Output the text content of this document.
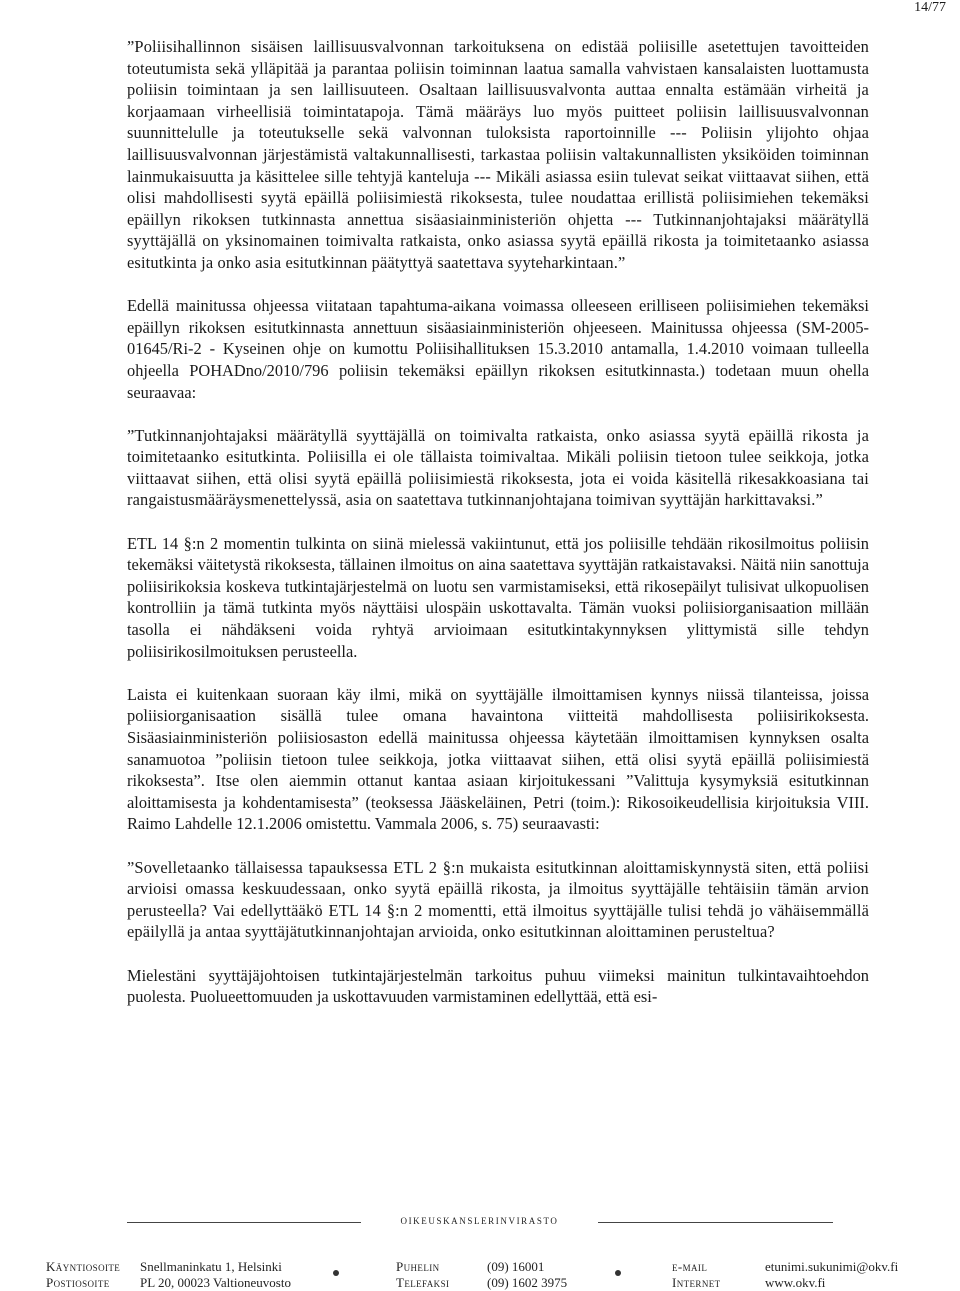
14/77

”Poliisihallinnon sisäisen laillisuusvalvonnan tarkoituksena on edistää poliisille asetettujen tavoitteiden toteutumista sekä ylläpitää ja parantaa poliisin toiminnan laatua samalla vahvistaen kansalaisten luottamusta poliisin toimintaan ja sen laillisuuteen. Osaltaan laillisuusvalvonta auttaa ennalta estämään virheitä ja korjaamaan virheellisiä toimintatapoja. Tämä määräys luo myös puitteet poliisin laillisuusvalvonnan suunnittelulle ja toteutukselle sekä valvonnan tuloksista raportoinnille --- Poliisin ylijohto ohjaa laillisuusvalvonnan järjestämistä valtakunnallisesti, tarkastaa poliisin valtakunnallisten yksiköiden toiminnan lainmukaisuutta ja käsittelee sille tehtyjä kanteluja --- Mikäli asiassa esiin tulevat seikat viittaavat siihen, että olisi mahdollisesti syytä epäillä poliisimiestä rikoksesta, tulee noudattaa erillistä poliisimiehen tekemäksi epäillyn rikoksen tutkinnasta annettua sisäasiainministeriön ohjetta --- Tutkinnanjohtajaksi määrätyllä syyttäjällä on yksinomainen toimivalta ratkaista, onko asiassa syytä epäillä rikosta ja toimitetaanko asiassa esitutkinta ja onko asia esitutkinnan päätyttyä saatettava syyteharkintaan.”

Edellä mainitussa ohjeessa viitataan tapahtuma-aikana voimassa olleeseen erilliseen poliisimiehen tekemäksi epäillyn rikoksen esitutkinnasta annettuun sisäasiainministeriön ohjeeseen. Mainitussa ohjeessa (SM-2005-01645/Ri-2 - Kyseinen ohje on kumottu Poliisihallituksen 15.3.2010 antamalla, 1.4.2010 voimaan tulleella ohjeella POHADno/2010/796 poliisin tekemäksi epäillyn rikoksen esitutkinnasta.) todetaan muun ohella seuraavaa:

”Tutkinnanjohtajaksi määrätyllä syyttäjällä on toimivalta ratkaista, onko asiassa syytä epäillä rikosta ja toimitetaanko esitutkinta. Poliisilla ei ole tällaista toimivaltaa. Mikäli poliisin tietoon tulee seikkoja, jotka viittaavat siihen, että olisi syytä epäillä poliisimiestä rikoksesta, jota ei voida käsitellä rikesakkoasiana tai rangaistusmääräysmenettelyssä, asia on saatettava tutkinnanjohtajana toimivan syyttäjän harkittavaksi.”

ETL 14 §:n 2 momentin tulkinta on siinä mielessä vakiintunut, että jos poliisille tehdään rikosilmoitus poliisin tekemäksi väitetystä rikoksesta, tällainen ilmoitus on aina saatettava syyttäjän ratkaistavaksi. Näitä niin sanottuja poliisirikoksia koskeva tutkintajärjestelmä on luotu sen varmistamiseksi, että rikosepäilyt tulisivat ulkopuolisen kontrolliin ja tämä tutkinta myös näyttäisi ulospäin uskottavalta. Tämän vuoksi poliisiorganisaation millään tasolla ei nähdäkseni voida ryhtyä arvioimaan esitutkintakynnyksen ylittymistä sille tehdyn poliisirikosilmoituksen perusteella.

Laista ei kuitenkaan suoraan käy ilmi, mikä on syyttäjälle ilmoittamisen kynnys niissä tilanteissa, joissa poliisiorganisaation sisällä tulee omana havaintona viitteitä mahdollisesta poliisirikoksesta. Sisäasiainministeriön poliisiosaston edellä mainitussa ohjeessa käytetään ilmoittamisen kynnyksen osalta sanamuotoa ”poliisin tietoon tulee seikkoja, jotka viittaavat siihen, että olisi syytä epäillä poliisimiestä rikoksesta”. Itse olen aiemmin ottanut kantaa asiaan kirjoitukessani ”Valittuja kysymyksiä esitutkinnan aloittamisesta ja kohdentamisesta” (teoksessa Jääskeläinen, Petri (toim.): Rikosoikeudellisia kirjoituksia VIII. Raimo Lahdelle 12.1.2006 omistettu. Vammala 2006, s. 75) seuraavasti:

”Sovelletaanko tällaisessa tapauksessa ETL 2 §:n mukaista esitutkinnan aloittamiskynnystä siten, että poliisi arvioisi omassa keskuudessaan, onko syytä epäillä rikosta, ja ilmoitus syyttäjälle tehtäisiin tämän arvion perusteella? Vai edellyttääkö ETL 14 §:n 2 momentti, että ilmoitus syyttäjälle tulisi tehdä jo vähäisemmällä epäilyllä ja antaa syyttäjätutkinnanjohtajan arvioida, onko esitutkinnan aloittaminen perusteltua?

Mielestäni syyttäjäjohtoisen tutkintajärjestelmän tarkoitus puhuu viimeksi mainitun tulkintavaihtoehdon puolesta. Puolueettomuuden ja uskottavuuden varmistaminen edellyttää, että esi-

oikeuskanslerinvirasto
Käyntiosoite Snellmaninkatu 1, Helsinki	Puhelin	(09) 16001	e-mail	etunimi.sukunimi@okv.fi
Postiosoite PL 20, 00023 Valtioneuvosto	Telefaksi	(09) 1602 3975	Internet	www.okv.fi
